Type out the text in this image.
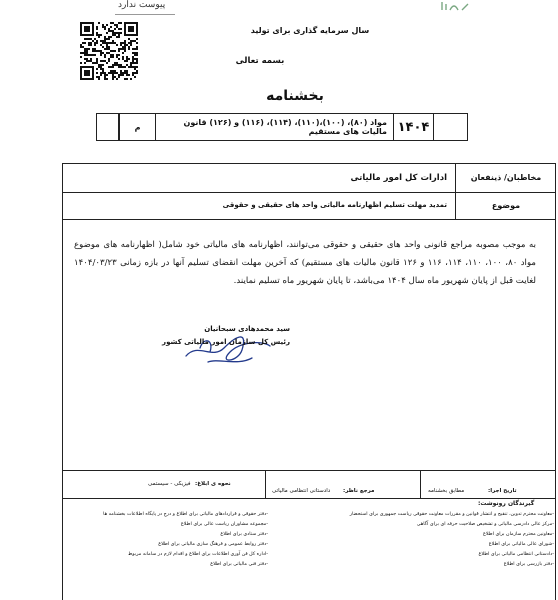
پیوست ندارد
سال سرمایه گذاری برای تولید
بسمه تعالی
بخشنامه
م	مواد (۸۰)، (۱۰۰)،(۱۱۰)، (۱۱۴)، (۱۱۶) و (۱۲۶) قانون مالیات های مستقیم ۱۴۰۴
مخاطبان/ ذینفعان
ادارات کل امور مالیاتی
موضوع
تمدید مهلت تسلیم اظهارنامه مالیاتی واحد های حقیقی و حقوقی
به موجب مصوبه مراجع قانونی واحد های حقیقی و حقوقی می‌توانند، اظهارنامه های مالیاتی خود شامل( اظهارنامه های موضوع مواد ۸۰، ۱۰۰، ۱۱۰، ۱۱۴، ۱۱۶ و ۱۲۶ قانون مالیات های مستقیم) که آخرین مهلت انقضای تسلیم آنها در بازه زمانی ۱۴۰۴/۰۳/۲۳ لغایت قبل از پایان شهریور ماه سال ۱۴۰۴ می‌باشد، تا پایان شهریور ماه تسلیم نمایند.
سید محمدهادی سبحانیان
رئیس کل سازمان امور مالیاتی کشور
تاریخ اجرا:
مطابق بخشنامه
مرجع ناظر:
دادستانی انتظامی مالیاتی
نحوه ی ابلاغ:
فیزیکی - سیستمی
گیرندگان رونوشت:
-معاونت محترم تدوین، تنقیح و انتشار قوانین و مقررات معاونت حقوقی ریاست جمهوری برای استحضار
-مرکز عالی دادرسی مالیاتی و تشخیص صلاحیت حرفه ای برای آگاهی
-معاونین محترم سازمان برای اطلاع
-شورای عالی مالیاتی برای اطلاع
-دادستانی انتظامی مالیاتی برای اطلاع
-دفتر بازرسی برای اطلاع
-دفتر حقوقی و قراردادهای مالیاتی برای اطلاع و درج در پایگاه اطلاعات بخشنامه ها
-مجموعه مشاوران ریاست عالی برای اطلاع
-دفتر ستادی برای اطلاع
-دفتر روابط عمومی و فرهنگ سازی مالیاتی برای اطلاع
-اداره کل فن آوری اطلاعات برای اطلاع و اقدام لازم در سامانه مربوط
-دفتر فنی مالیاتی برای اطلاع
